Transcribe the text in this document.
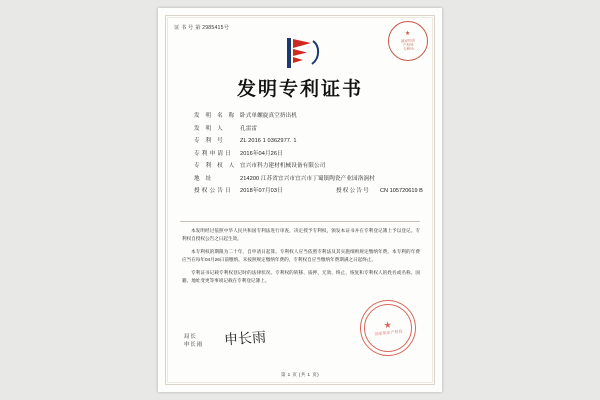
证 书 号 第 2985415号
★
国家知识
产权局
专利局
发明专利证书
发 明 名 称 卧式单螺旋真空挤出机
发 明 人	孔雷雷
专 利 号	ZL 2016 1 0362977. 1
专利申请日	2016年04月26日
专 利 权 人 宜兴市科力建材机械设备有限公司
地 址	214200 江苏省宜兴市宜兴市丁蜀镇陶瓷产业园洛涧村
授权公告日	2018年07月03日	授权公告号	CN 105720619 B

本发明经过依照中华人民共和国专利法进行审查，决定授予专利权，颁发本证书并在专利登记簿上予以登记。专利权自授权公告之日起生效。

本专利权的期限为二十年，自申请日起算。专利权人应当依照专利法及其实施细则规定缴纳年费。本专利的年费应当在每年04月26日前缴纳。未按照规定缴纳年费的，专利权自应当缴纳年费期满之日起终止。

专利证书记载专利权登记时的法律状况。专利权的转移、质押、无效、终止、恢复和专利权人的姓名或名称、国籍、地址变更等事项记载在专利登记簿上。

局长
申长雨 申长雨
★
国家知识产权局
第 1 页 (共 1 页)
